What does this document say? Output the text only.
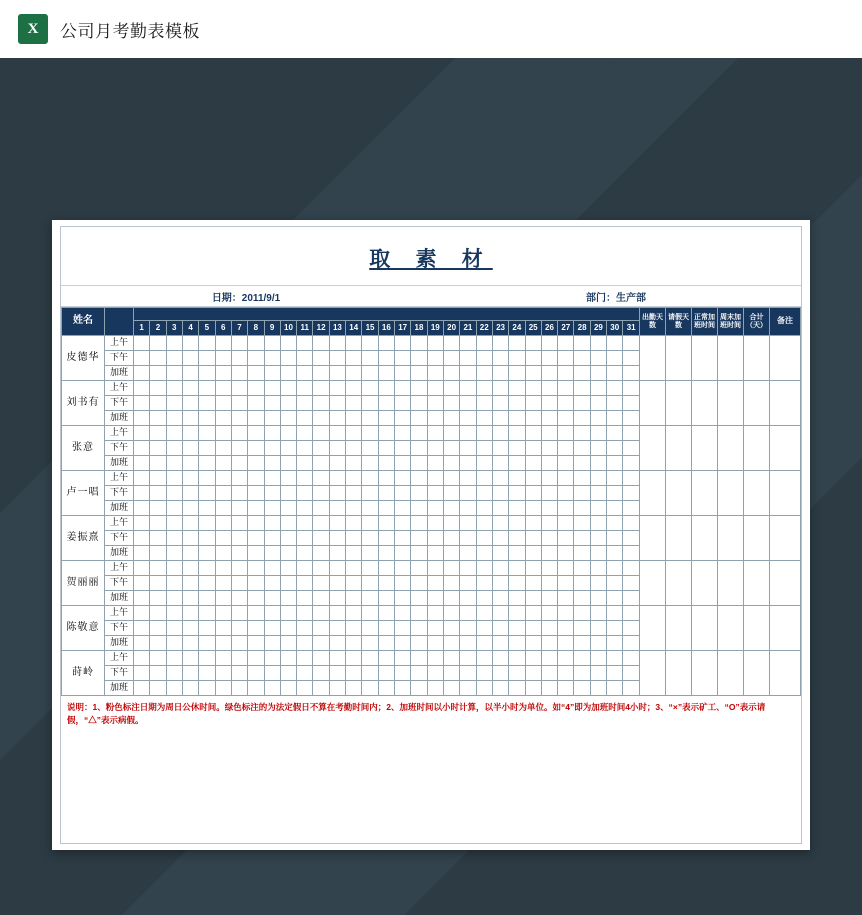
X	公司月考勤表模板
取 素 材
日期：2011/9/1	部门：生产部
姓名																																	出勤天数	请假天数	正常加班时间	周末加班时间	合计（天）	备注
		1	2	3	4	5	6	7	8	9	10	11	12	13	14	15	16	17	18	19	20	21	22	23	24	25	26	27	28	29	30	31						
皮德华	上午																																					
	下午																																					
	加班																																					
刘书有	上午																																					
	下午																																					
	加班																																					
张意	上午																																					
	下午																																					
	加班																																					
卢一唱	上午																																					
	下午																																					
	加班																																					
姜振熹	上午																																					
	下午																																					
	加班																																					
贺丽丽	上午																																					
	下午																																					
	加班																																					
陈敬意	上午																																					
	下午																																					
	加班																																					
莳岭	上午																																					
	下午																																					
	加班																																					
说明：1、粉色标注日期为周日公休时间。绿色标注的为法定假日不算在考勤时间内；2、加班时间以小时计算，以半小时为单位。如“4”即为加班时间4小时；3、“×”表示矿工、“O”表示请假，“△”表示病假。
